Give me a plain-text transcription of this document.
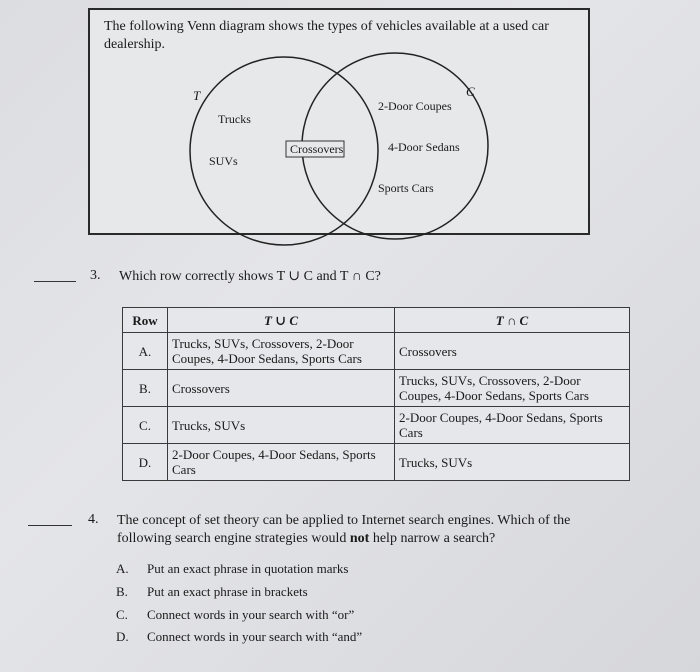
The following Venn diagram shows the types of vehicles available at a used car dealership.
T	C
Trucks
SUVs
Crossovers
2-Door Coupes
4-Door Sedans
Sports Cars
3. Which row correctly shows T ∪ C and T ∩ C?
Row	T ∪ C	T ∩ C
A.	Trucks, SUVs, Crossovers, 2-Door Coupes, 4-Door Sedans, Sports Cars	Crossovers
B.	Crossovers	Trucks, SUVs, Crossovers, 2-Door Coupes, 4-Door Sedans, Sports Cars
C.	Trucks, SUVs	2-Door Coupes, 4-Door Sedans, Sports Cars
D.	2-Door Coupes, 4-Door Sedans, Sports Cars	Trucks, SUVs
4. The concept of set theory can be applied to Internet search engines. Which of the following search engine strategies would not help narrow a search?
A. Put an exact phrase in quotation marks
B. Put an exact phrase in brackets
C. Connect words in your search with “or”
D. Connect words in your search with “and”
